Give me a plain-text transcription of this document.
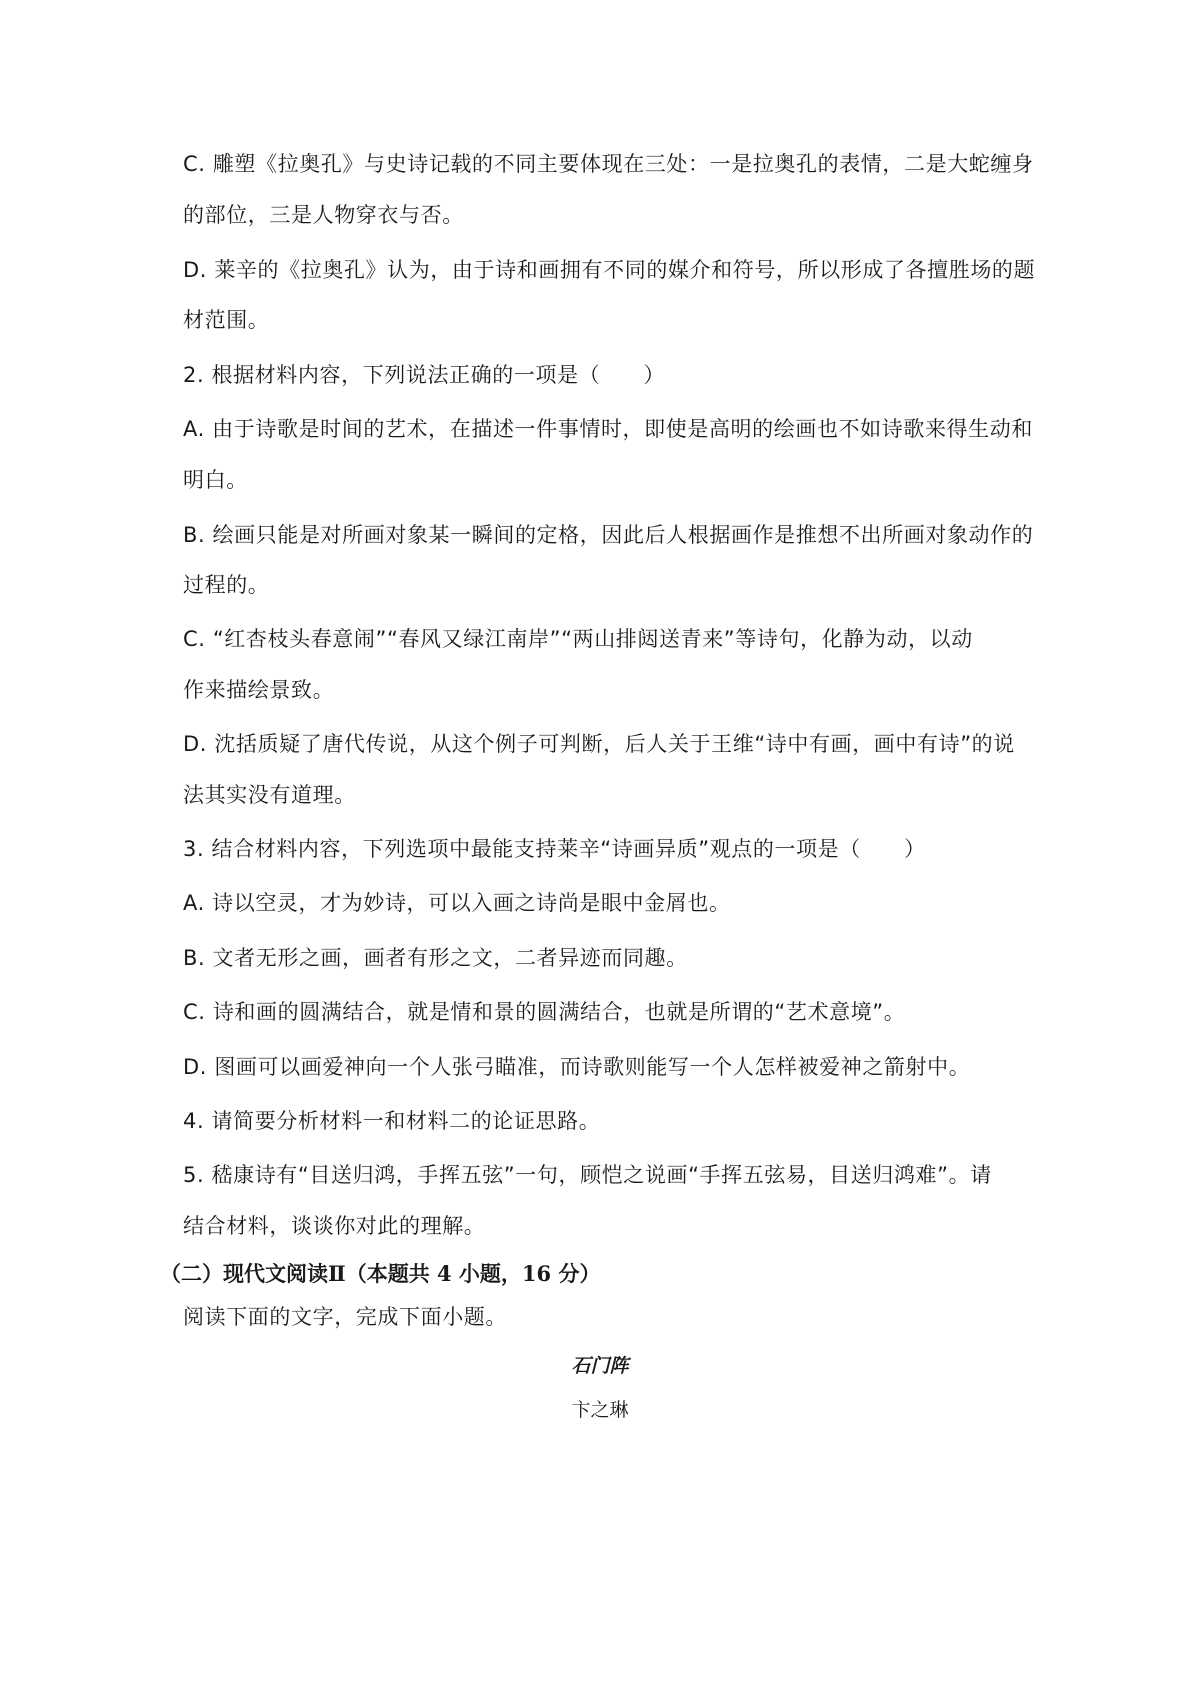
C. 雕塑《拉奥孔》与史诗记载的不同主要体现在三处：一是拉奥孔的表情，二是大蛇缠身
的部位，三是人物穿衣与否。
D. 莱辛的《拉奥孔》认为，由于诗和画拥有不同的媒介和符号，所以形成了各擅胜场的题
材范围。
2. 根据材料内容，下列说法正确的一项是（　　）
A. 由于诗歌是时间的艺术，在描述一件事情时，即使是高明的绘画也不如诗歌来得生动和
明白。
B. 绘画只能是对所画对象某一瞬间的定格，因此后人根据画作是推想不出所画对象动作的
过程的。
C. “红杏枝头春意闹”“春风又绿江南岸”“两山排闼送青来”等诗句，化静为动，以动
作来描绘景致。
D. 沈括质疑了唐代传说，从这个例子可判断，后人关于王维“诗中有画，画中有诗”的说
法其实没有道理。
3. 结合材料内容，下列选项中最能支持莱辛“诗画异质”观点的一项是（　　）
A. 诗以空灵，才为妙诗，可以入画之诗尚是眼中金屑也。
B. 文者无形之画，画者有形之文，二者异迹而同趣。
C. 诗和画的圆满结合，就是情和景的圆满结合，也就是所谓的“艺术意境”。
D. 图画可以画爱神向一个人张弓瞄准，而诗歌则能写一个人怎样被爱神之箭射中。
4. 请简要分析材料一和材料二的论证思路。
5. 嵇康诗有“目送归鸿，手挥五弦”一句，顾恺之说画“手挥五弦易，目送归鸿难”。请
结合材料，谈谈你对此的理解。
（二）现代文阅读Ⅱ（本题共 4 小题，16 分）
阅读下面的文字，完成下面小题。
石门阵
卞之琳
